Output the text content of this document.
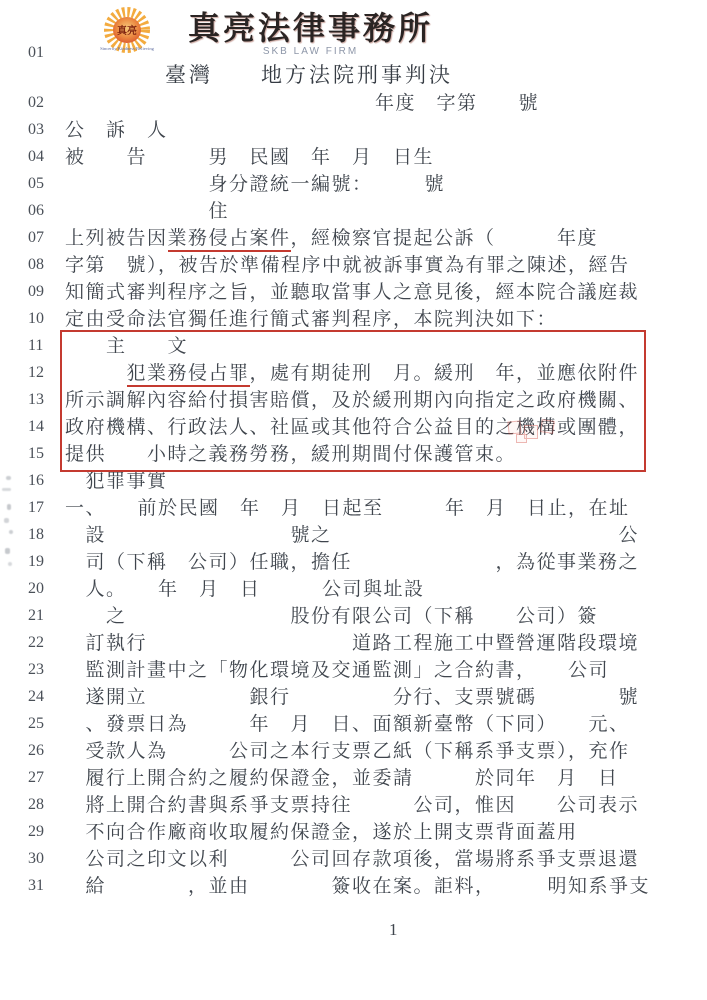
真亮
Sincerity Kindness Believing
真亮法律事務所
SKB LAW FIRM
01
臺灣　　地方法院刑事判決
02	年度　字第　　號
03	公　訴　人
04	被　　告　　　男　民國　年　月　日生
05	　　　　　　　身分證統一編號：　　　號
06	　　　　　　　住
07	上列被告因業務侵占案件，經檢察官提起公訴（　　　年度
08	字第　號），被告於準備程序中就被訴事實為有罪之陳述，經告
09	知簡式審判程序之旨，並聽取當事人之意見後，經本院合議庭裁
10	定由受命法官獨任進行簡式審判程序，本院判決如下：
11	　　主　　文
12
　　　	犯業務侵占罪，處有期徒刑　月。緩刑　年，並應依附件
13	所示調解內容給付損害賠償，及於緩刑期內向指定之政府機關、
14	政府機構、行政法人、社區或其他符合公益目的之機構或團體，
15	提供　　小時之義務勞務，緩刑期間付保護管束。
16	　犯罪事實
17	一、　　前於民國　年　月　日起至　　　年　月　日止，在址
18	　設　　　　　　　　　號之　　　　　　　　　　　　　　公
19	　司（下稱　公司）任職，擔任　　　　　　　，為從事業務之
20	　人。　　年　月　日　　　公司與址設
21	　　之　　　　　　　　股份有限公司（下稱　　公司）簽
22	　訂執行　　　　　　　　　　道路工程施工中暨營運階段環境
23	　監測計畫中之「物化環境及交通監測」之合約書，　　公司
24	　遂開立　　　　　銀行　　　　　分行、支票號碼　　　　號
25	　、發票日為　　　年　月　日、面額新臺幣（下同）　　元、
26	　受款人為　　　公司之本行支票乙紙（下稱系爭支票），充作
27	　履行上開合約之履約保證金，並委請　　　於同年　月　日
28	　將上開合約書與系爭支票持往　　　公司，惟因　　公司表示
29	　不向合作廠商收取履約保證金，遂於上開支票背面蓋用
30	　公司之印文以利　　　公司回存款項後，當場將系爭支票退還
31	　給　　　　，並由　　　　簽收在案。詎料，　　　明知系爭支
1
